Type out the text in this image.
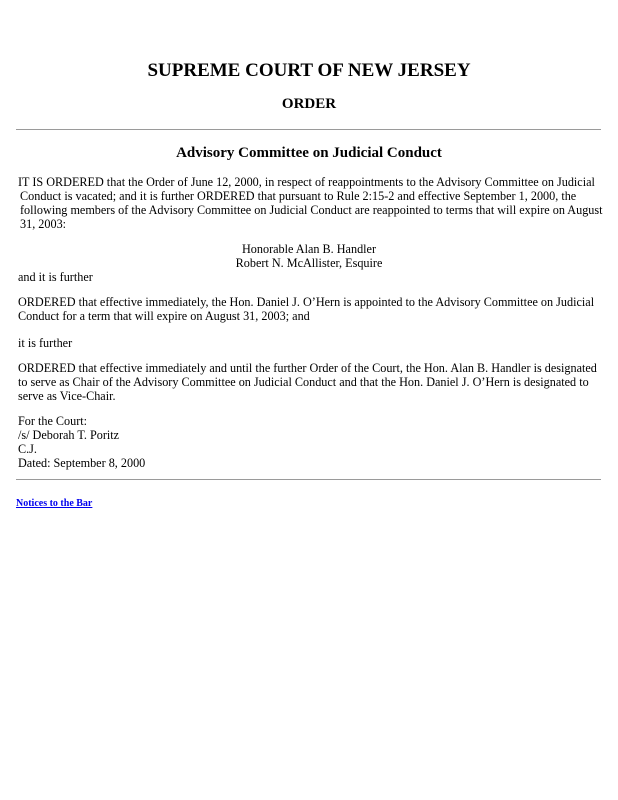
SUPREME COURT OF NEW JERSEY
ORDER
Advisory Committee on Judicial Conduct

IT IS ORDERED that the Order of June 12, 2000, in respect of reappointments to the Advisory Committee on Judicial Conduct is vacated; and it is further ORDERED that pursuant to Rule 2:15-2 and effective September 1, 2000, the following members of the Advisory Committee on Judicial Conduct are reappointed to terms that will expire on August 31, 2003:

Honorable Alan B. Handler
Robert N. McAllister, Esquire

and it is further

ORDERED that effective immediately, the Hon. Daniel J. O’Hern is appointed to the Advisory Committee on Judicial Conduct for a term that will expire on August 31, 2003; and

it is further

ORDERED that effective immediately and until the further Order of the Court, the Hon. Alan B. Handler is designated to serve as Chair of the Advisory Committee on Judicial Conduct and that the Hon. Daniel J. O’Hern is designated to serve as Vice-Chair.

For the Court:
/s/ Deborah T. Poritz
C.J.
Dated: September 8, 2000
Notices to the Bar
